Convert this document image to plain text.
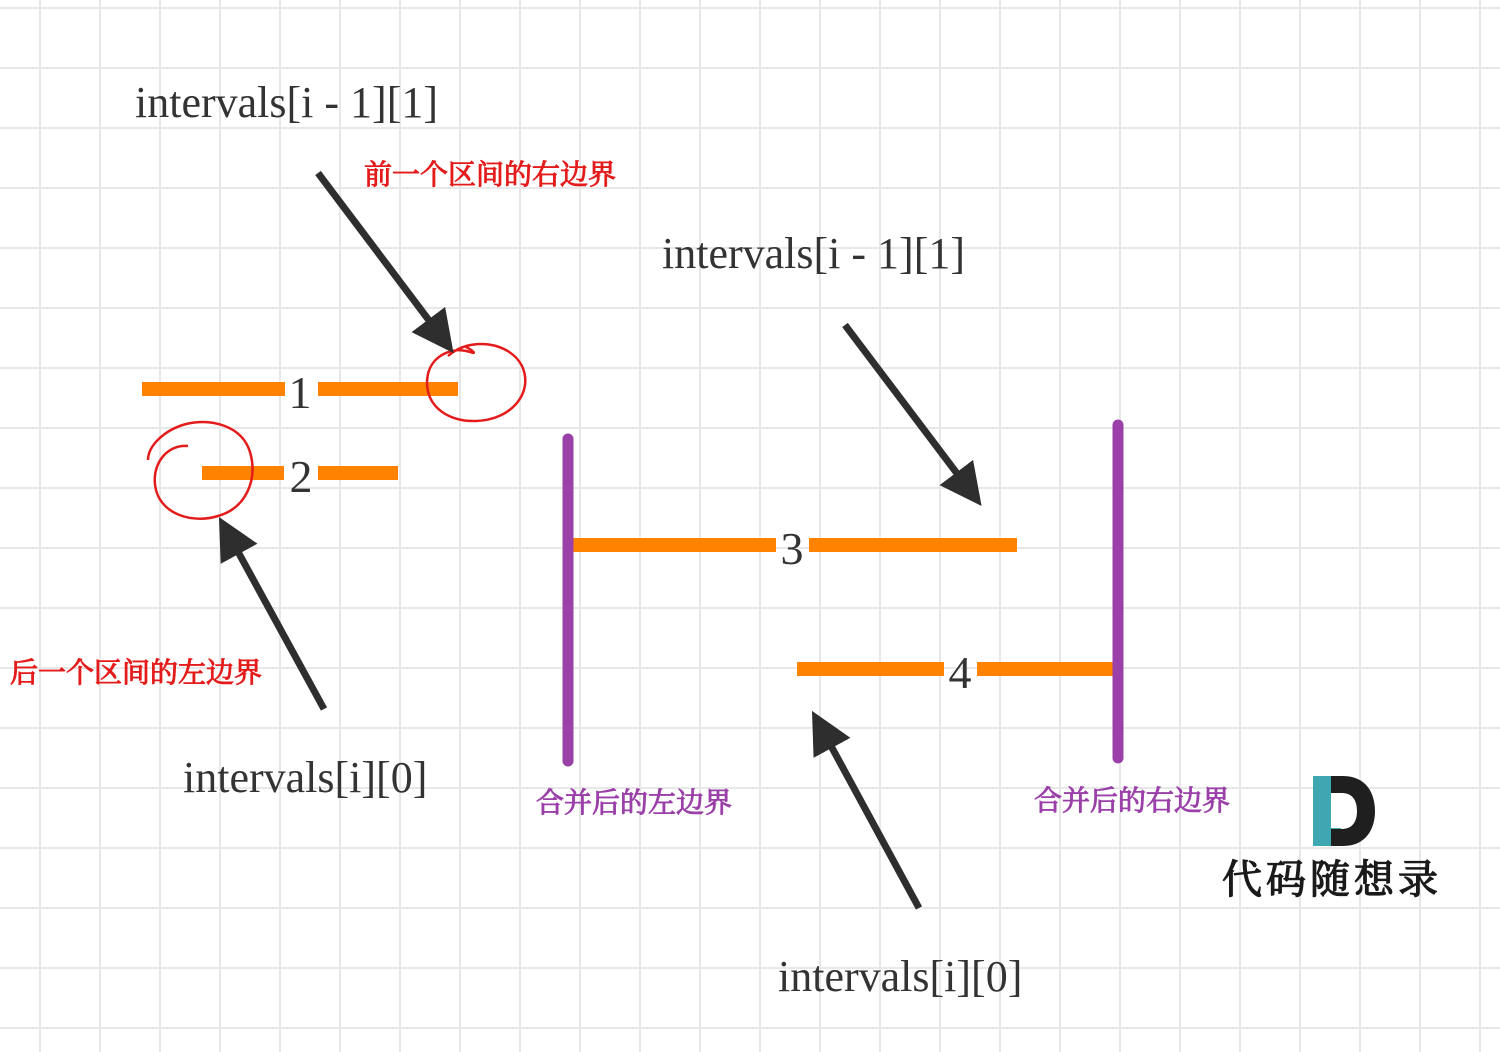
1
2
3
4
intervals[i - 1][1]
intervals[i - 1][1]
intervals[i][0]
intervals[i][0]
前一个区间的右边界
后一个区间的左边界
合并后的左边界	合并后的右边界
代码随想录
